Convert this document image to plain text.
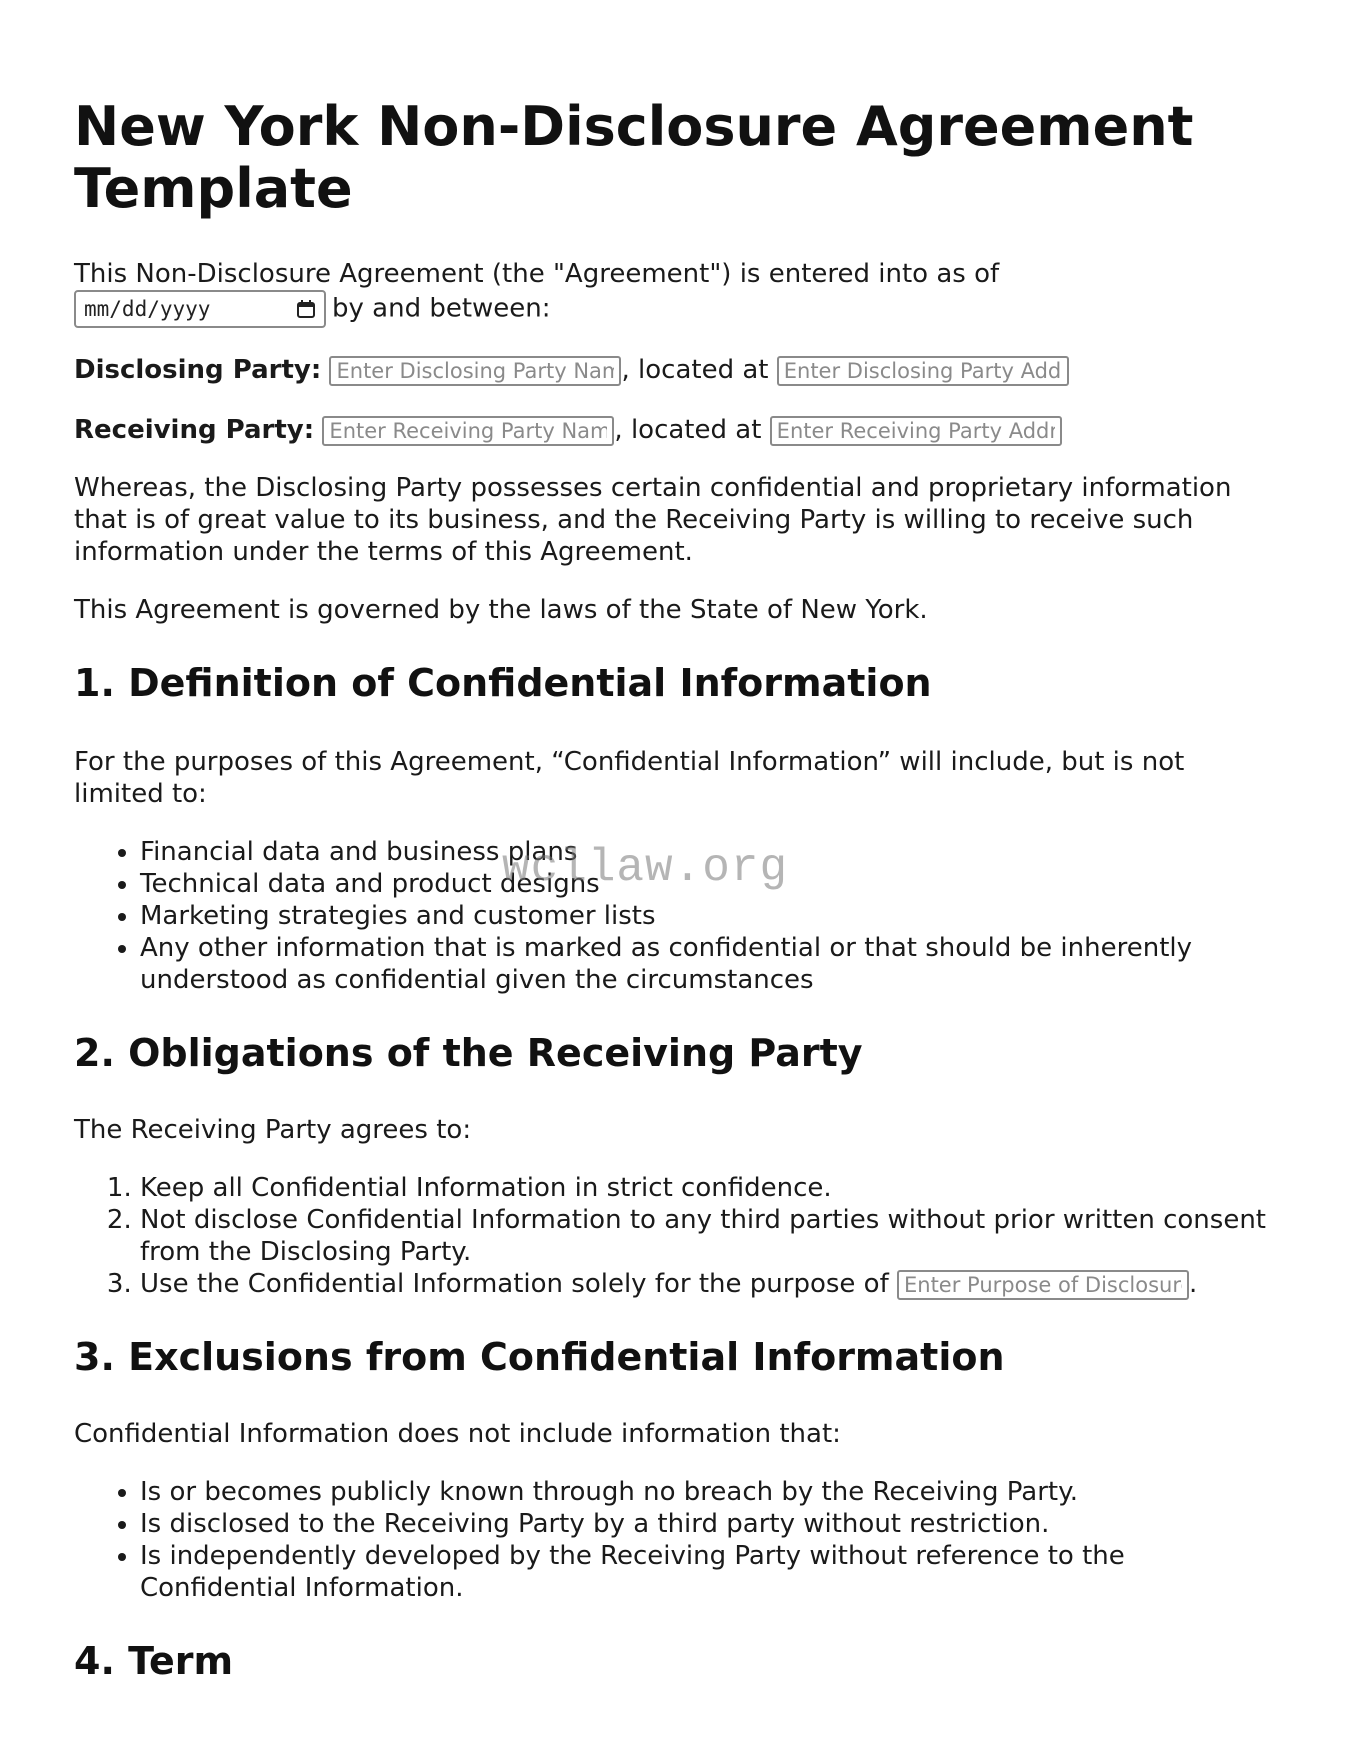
New York Non-Disclosure Agreement Template

This Non-Disclosure Agreement (the "Agreement") is entered into as of

mm/dd/yyyy	by and between:

Disclosing Party: Enter Disclosing Party Name	, located at Enter Disclosing Party Address

Receiving Party: Enter Receiving Party Name	, located at Enter Receiving Party Address

Whereas, the Disclosing Party possesses certain confidential and proprietary information that is of great value to its business, and the Receiving Party is willing to receive such information under the terms of this Agreement.

This Agreement is governed by the laws of the State of New York.

1. Definition of Confidential Information

For the purposes of this Agreement, “Confidential Information” will include, but is not limited to:

• Financial data and business plans
• Technical data and product designs
• Marketing strategies and customer lists
• Any other information that is marked as confidential or that should be inherently understood as confidential given the circumstances
2. Obligations of the Receiving Party

The Receiving Party agrees to:

1. Keep all Confidential Information in strict confidence.
2. Not disclose Confidential Information to any third parties without prior written consent from the Disclosing Party.
3. Use the Confidential Information solely for the purpose of Enter Purpose of Disclosure	.
3. Exclusions from Confidential Information

Confidential Information does not include information that:

• Is or becomes publicly known through no breach by the Receiving Party.
• Is disclosed to the Receiving Party by a third party without restriction.
• Is independently developed by the Receiving Party without reference to the Confidential Information.
4. Term
wcllaw.org
